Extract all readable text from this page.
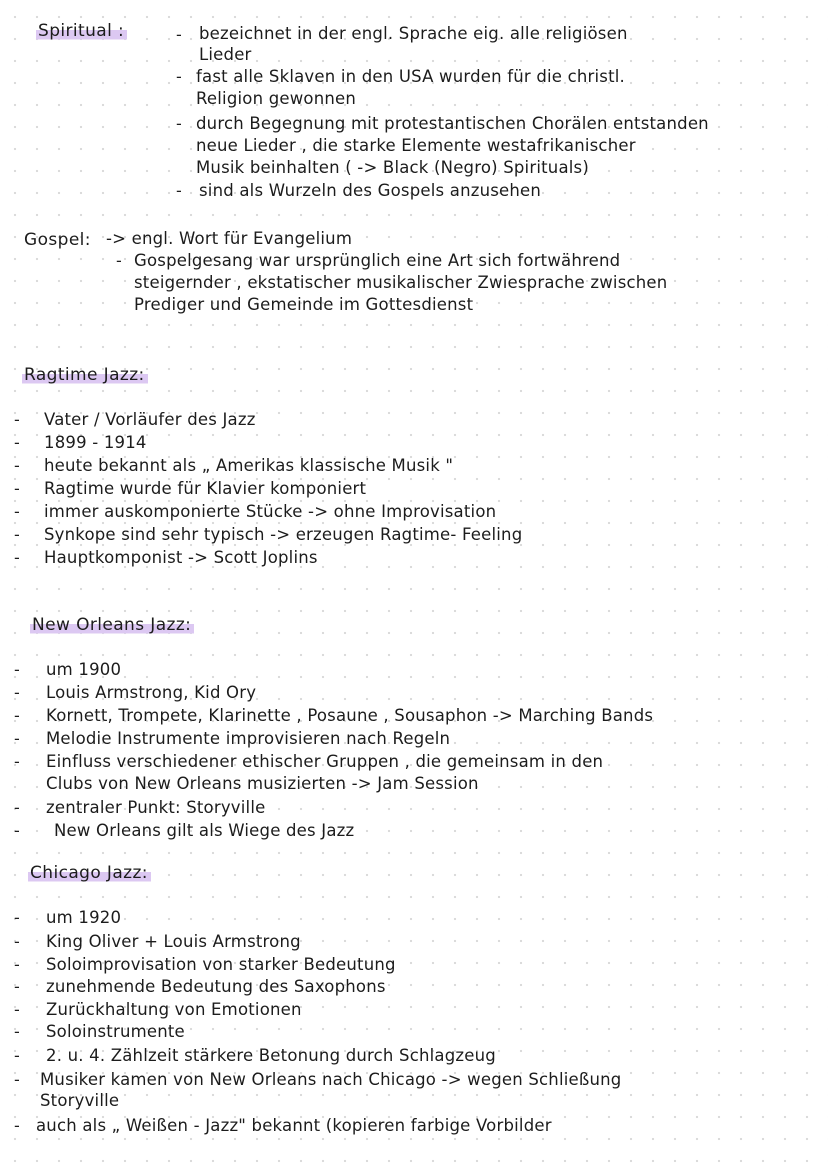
Spiritual :	- bezeichnet in der engl. Sprache eig. alle religiösen
Lieder
- fast alle Sklaven in den USA wurden für die christl.
Religion gewonnen
- durch Begegnung mit protestantischen Chorälen entstanden
neue Lieder , die starke Elemente westafrikanischer
Musik beinhalten ( -> Black (Negro) Spirituals)
- sind als Wurzeln des Gospels anzusehen
Gospel: -> engl. Wort für Evangelium
- Gospelgesang war ursprünglich eine Art sich fortwährend
steigernder , ekstatischer musikalischer Zwiesprache zwischen
Prediger und Gemeinde im Gottesdienst
Ragtime Jazz:
- Vater / Vorläufer des Jazz
- 1899 - 1914
- heute bekannt als „ Amerikas klassische Musik "
- Ragtime wurde für Klavier komponiert
- immer auskomponierte Stücke -> ohne Improvisation
- Synkope sind sehr typisch -> erzeugen Ragtime- Feeling
- Hauptkomponist -> Scott Joplins
New Orleans Jazz:
- um 1900
- Louis Armstrong, Kid Ory
- Kornett, Trompete, Klarinette , Posaune , Sousaphon -> Marching Bands
- Melodie Instrumente improvisieren nach Regeln
- Einfluss verschiedener ethischer Gruppen , die gemeinsam in den
Clubs von New Orleans musizierten -> Jam Session
- zentraler Punkt: Storyville
- New Orleans gilt als Wiege des Jazz
Chicago Jazz:
- um 1920
- King Oliver + Louis Armstrong
- Soloimprovisation von starker Bedeutung
- zunehmende Bedeutung des Saxophons
- Zurückhaltung von Emotionen
- Soloinstrumente
- 2. u. 4. Zählzeit stärkere Betonung durch Schlagzeug
- Musiker kamen von New Orleans nach Chicago -> wegen Schließung
Storyville
- auch als „ Weißen - Jazz" bekannt (kopieren farbige Vorbilder
